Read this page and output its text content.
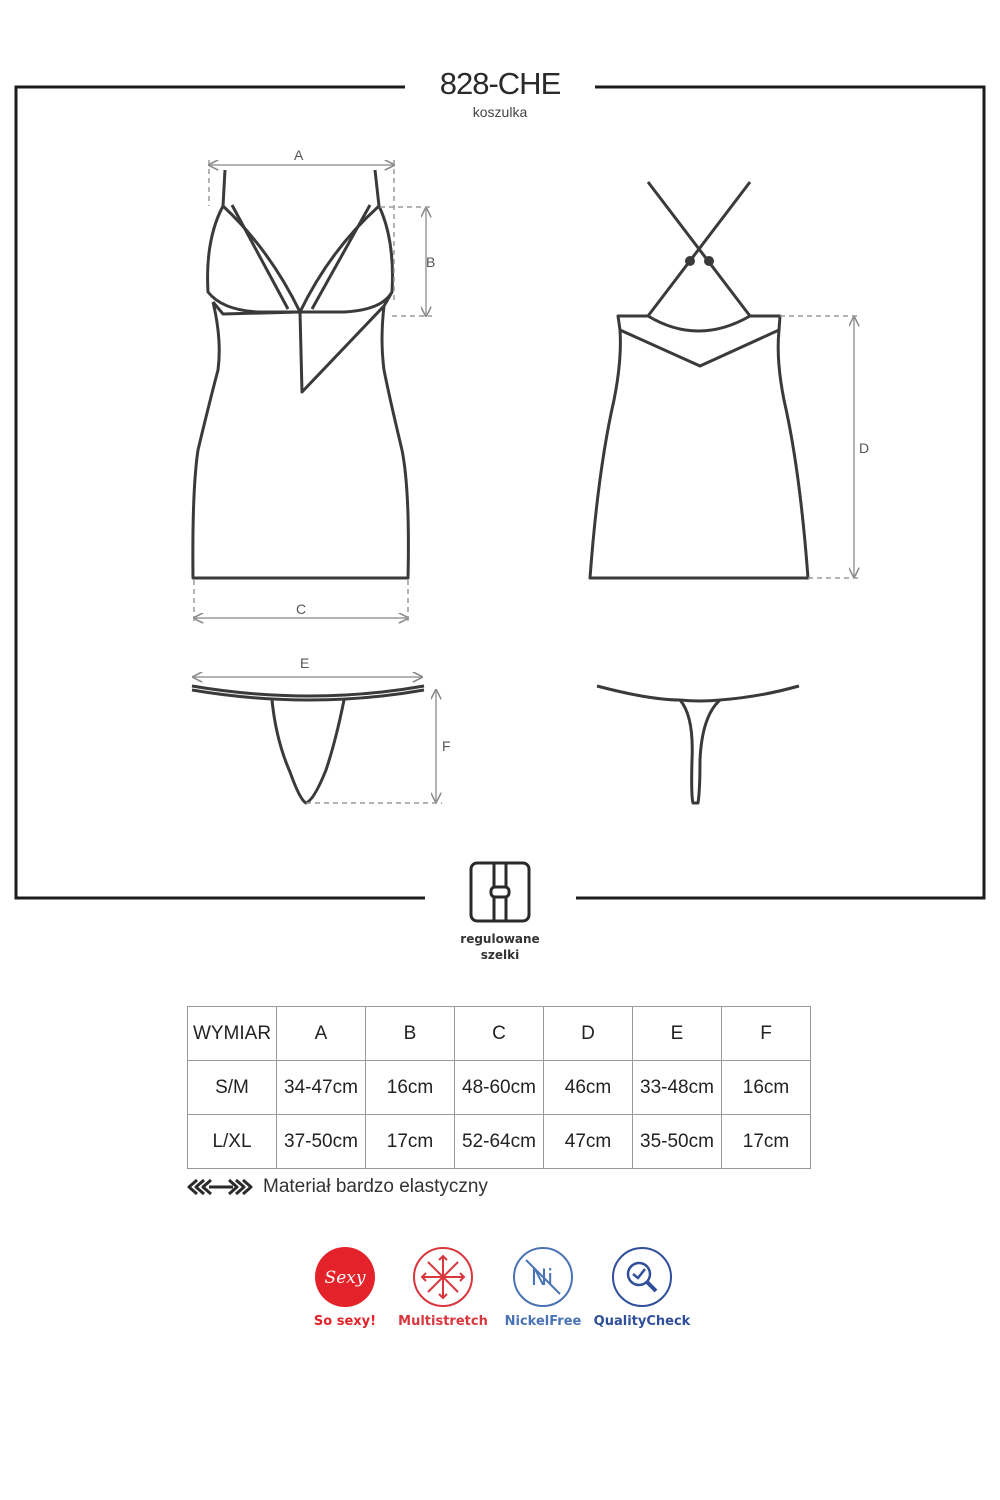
A
B
C
D
E
F
828-CHE
koszulka
regulowane
szelki
WYMIAR	A	B	C	D	E	F
S/M	34-47cm	16cm	48-60cm	46cm	33-48cm	16cm
L/XL	37-50cm	17cm	52-64cm	47cm	35-50cm	17cm
Materiał bardzo elastyczny
Sexy
So sexy!	Multistretch
Ni
NickelFree QualityCheck
